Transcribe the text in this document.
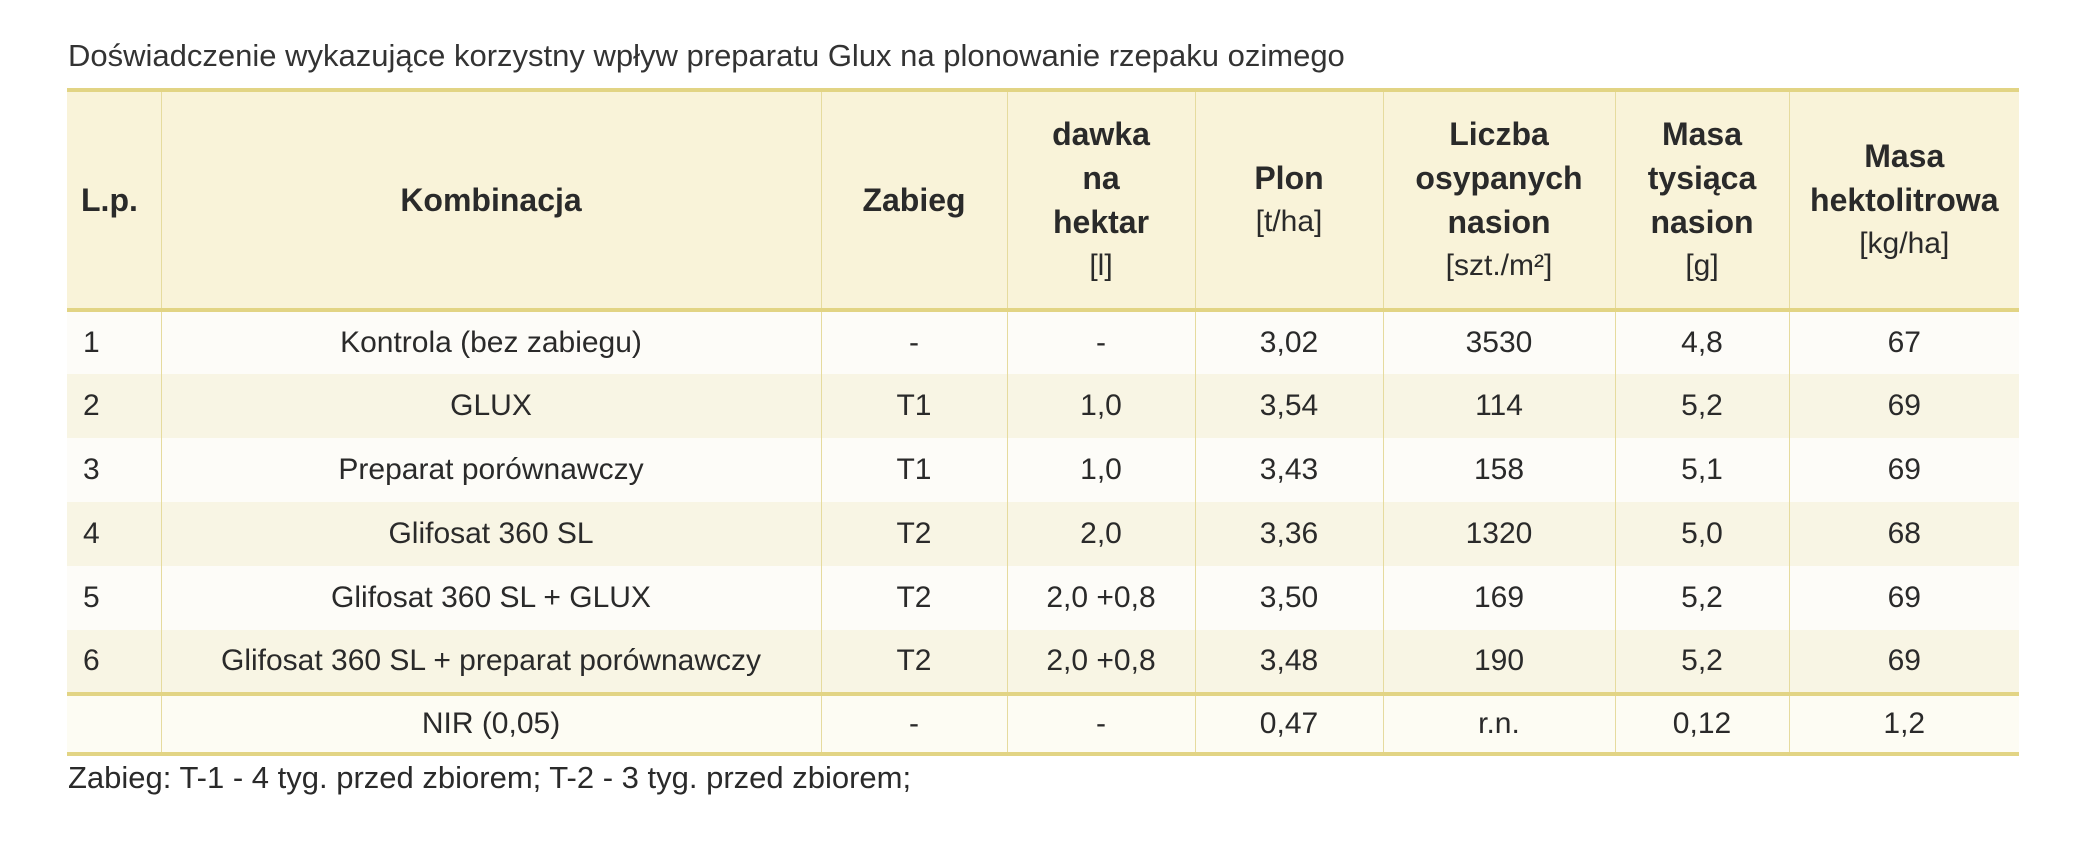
Doświadczenie wykazujące korzystny wpływ preparatu Glux na plonowanie rzepaku ozimego
L.p.	Kombinacja	Zabieg	dawka
na
hektar
[l]	Plon
[t/ha]	Liczba
osypanych
nasion
[szt./m²]	Masa
tysiąca
nasion
[g]	Masa
hektolitrowa
[kg/ha]

1	Kontrola (bez zabiegu)	-	-	3,02	3530	4,8	67
2	GLUX	T1	1,0	3,54	114	5,2	69
3	Preparat porównawczy	T1	1,0	3,43	158	5,1	69
4	Glifosat 360 SL	T2	2,0	3,36	1320	5,0	68
5	Glifosat 360 SL + GLUX	T2	2,0 +0,8	3,50	169	5,2	69
6	Glifosat 360 SL + preparat porównawczy	T2	2,0 +0,8	3,48	190	5,2	69
	NIR (0,05)	-	-	0,47	r.n.	0,12	1,2
Zabieg: T-1 - 4 tyg. przed zbiorem; T-2 - 3 tyg. przed zbiorem;
